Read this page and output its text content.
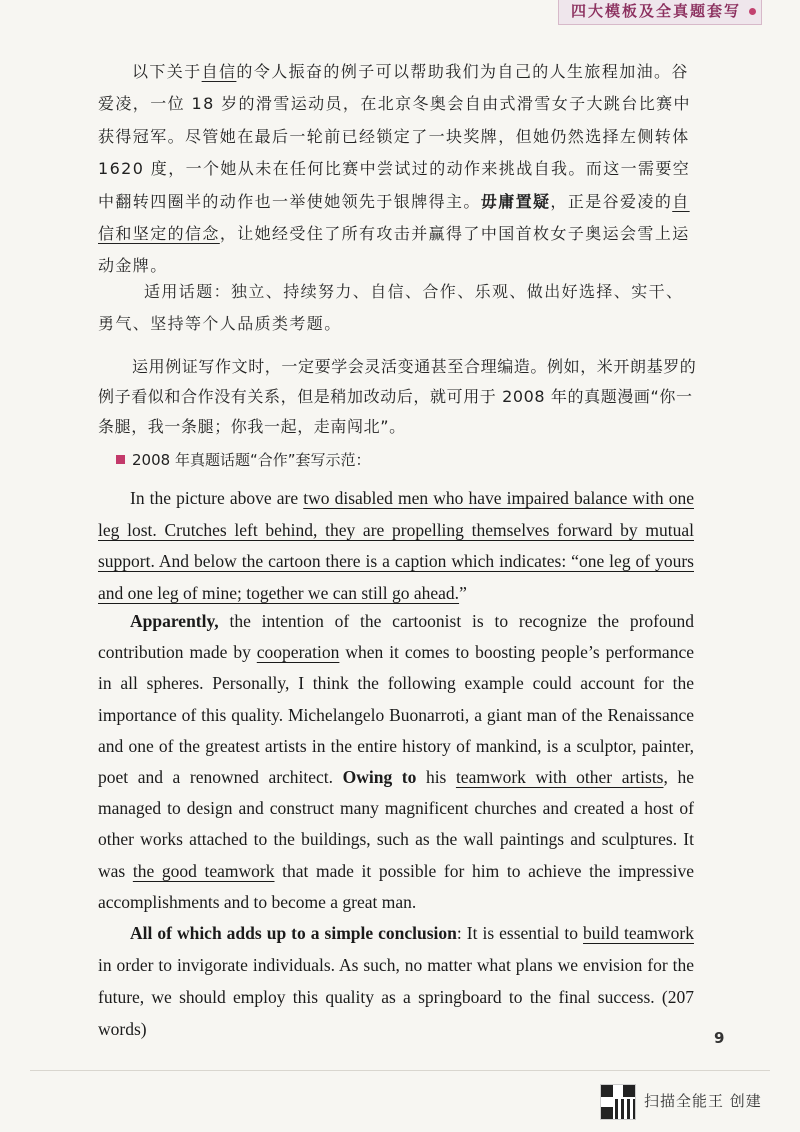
四大模板及全真题套写
以下关于自信的令人振奋的例子可以帮助我们为自己的人生旅程加油。谷爱凌，一位 18 岁的滑雪运动员，在北京冬奥会自由式滑雪女子大跳台比赛中获得冠军。尽管她在最后一轮前已经锁定了一块奖牌，但她仍然选择左侧转体 1620 度，一个她从未在任何比赛中尝试过的动作来挑战自我。而这一需要空中翻转四圈半的动作也一举使她领先于银牌得主。毋庸置疑，正是谷爱凌的自信和坚定的信念，让她经受住了所有攻击并赢得了中国首枚女子奥运会雪上运动金牌。
适用话题：独立、持续努力、自信、合作、乐观、做出好选择、实干、勇气、坚持等个人品质类考题。
运用例证写作文时，一定要学会灵活变通甚至合理编造。例如，米开朗基罗的例子看似和合作没有关系，但是稍加改动后，就可用于 2008 年的真题漫画“你一条腿，我一条腿；你我一起，走南闯北”。
2008 年真题话题“合作”套写示范：
In the picture above are two disabled men who have impaired balance with one leg lost. Crutches left behind, they are propelling themselves forward by mutual support. And below the cartoon there is a caption which indicates: “one leg of yours and one leg of mine; together we can still go ahead.”
Apparently, the intention of the cartoonist is to recognize the profound contribution made by cooperation when it comes to boosting people’s performance in all spheres. Personally, I think the following example could account for the importance of this quality. Michelangelo Buonarroti, a giant man of the Renaissance and one of the greatest artists in the entire history of mankind, is a sculptor, painter, poet and a renowned architect. Owing to his teamwork with other artists, he managed to design and construct many magnificent churches and created a host of other works attached to the buildings, such as the wall paintings and sculptures. It was the good teamwork that made it possible for him to achieve the impressive accomplishments and to become a great man.
All of which adds up to a simple conclusion: It is essential to build teamwork in order to invigorate individuals. As such, no matter what plans we envision for the future, we should employ this quality as a springboard to the final success. (207 words)	9
扫描全能王 创建
